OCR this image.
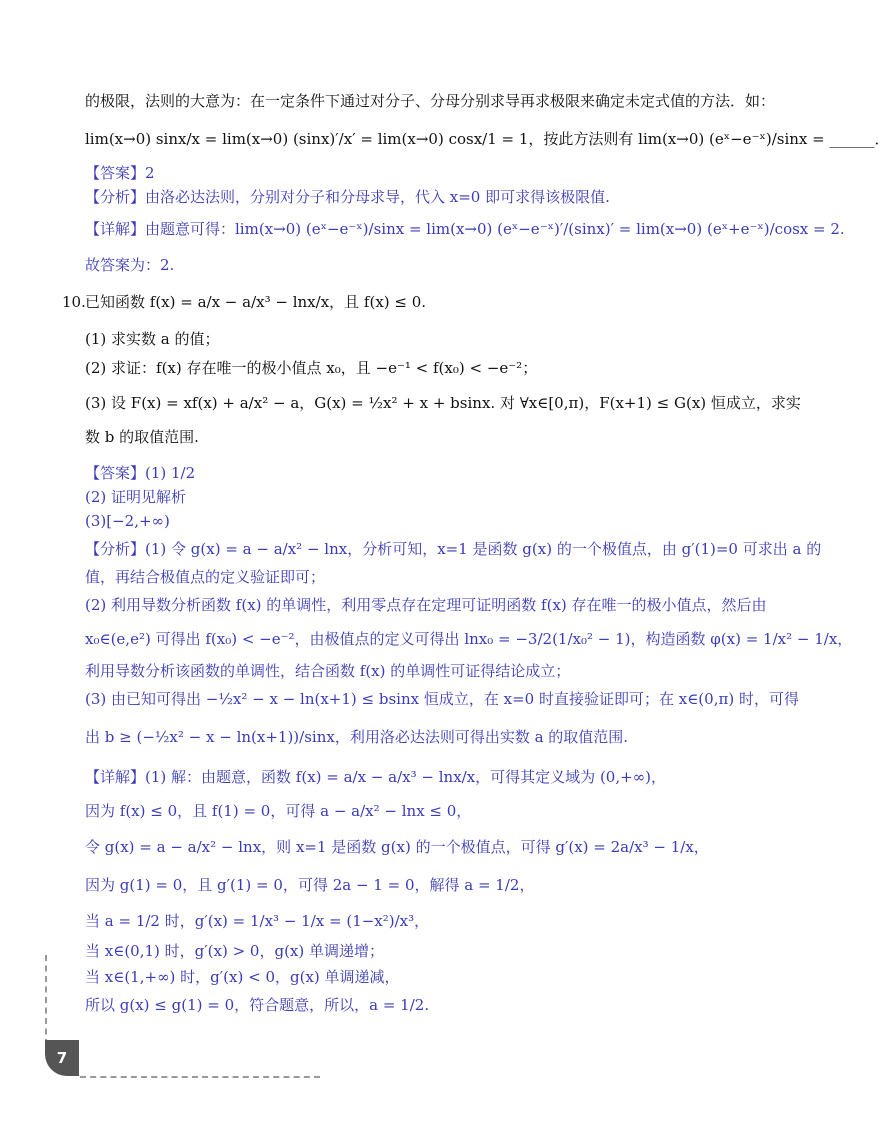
的极限，法则的大意为：在一定条件下通过对分子、分母分别求导再求极限来确定未定式值的方法．如：
lim(x→0) sinx/x = lim(x→0) (sinx)′/x′ = lim(x→0) cosx/1 = 1，按此方法则有 lim(x→0) (eˣ−e⁻ˣ)/sinx = ______．
【答案】2
【分析】由洛必达法则，分别对分子和分母求导，代入 x=0 即可求得该极限值.
【详解】由题意可得：lim(x→0) (eˣ−e⁻ˣ)/sinx = lim(x→0) (eˣ−e⁻ˣ)′/(sinx)′ = lim(x→0) (eˣ+e⁻ˣ)/cosx = 2.
故答案为：2.
已知函数 f(x) = a/x − a/x³ − lnx/x，且 f(x) ≤ 0.
(1) 求实数 a 的值；
(2) 求证：f(x) 存在唯一的极小值点 x₀，且 −e⁻¹ < f(x₀) < −e⁻²；
(3) 设 F(x) = xf(x) + a/x² − a，G(x) = ½x² + x + bsinx. 对 ∀x∈[0,π)，F(x+1) ≤ G(x) 恒成立，求实
数 b 的取值范围.
【答案】(1) 1/2
(2) 证明见解析
(3)[−2,+∞)
【分析】(1) 令 g(x) = a − a/x² − lnx，分析可知，x=1 是函数 g(x) 的一个极值点，由 g′(1)=0 可求出 a 的
值，再结合极值点的定义验证即可；
(2) 利用导数分析函数 f(x) 的单调性，利用零点存在定理可证明函数 f(x) 存在唯一的极小值点，然后由
x₀∈(e,e²) 可得出 f(x₀) < −e⁻²，由极值点的定义可得出 lnx₀ = −3/2(1/x₀² − 1)，构造函数 φ(x) = 1/x² − 1/x，
利用导数分析该函数的单调性，结合函数 f(x) 的单调性可证得结论成立；
(3) 由已知可得出 −½x² − x − ln(x+1) ≤ bsinx 恒成立，在 x=0 时直接验证即可；在 x∈(0,π) 时，可得
出 b ≥ (−½x² − x − ln(x+1))/sinx，利用洛必达法则可得出实数 a 的取值范围.
【详解】(1) 解：由题意，函数 f(x) = a/x − a/x³ − lnx/x，可得其定义域为 (0,+∞)，
因为 f(x) ≤ 0，且 f(1) = 0，可得 a − a/x² − lnx ≤ 0，
令 g(x) = a − a/x² − lnx，则 x=1 是函数 g(x) 的一个极值点，可得 g′(x) = 2a/x³ − 1/x，
因为 g(1) = 0，且 g′(1) = 0，可得 2a − 1 = 0，解得 a = 1/2，
当 a = 1/2 时，g′(x) = 1/x³ − 1/x = (1−x²)/x³，
当 x∈(0,1) 时，g′(x) > 0，g(x) 单调递增；
当 x∈(1,+∞) 时，g′(x) < 0，g(x) 单调递减，
所以 g(x) ≤ g(1) = 0，符合题意，所以，a = 1/2.
10.
7
